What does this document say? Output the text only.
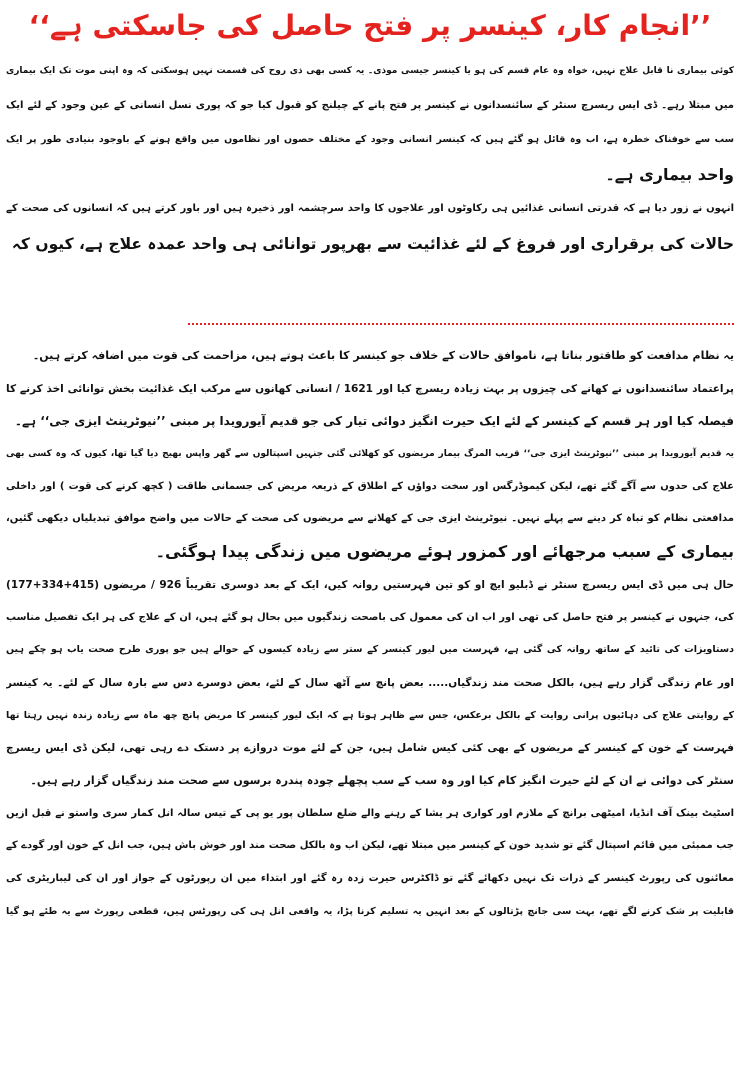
’’انجام کار، کینسر پر فتح حاصل کی جاسکتی ہے‘‘
کوئی بیماری نا قابل علاج نہیں، خواہ وہ عام قسم کی ہو یا کینسر جیسی موذی۔ یہ کسی بھی ذی روح کی قسمت نہیں ہوسکتی کہ وہ اپنی موت تک ایک بیماری
میں مبتلا رہے۔ ڈی ایس ریسرچ سنٹر کے سائنسدانوں نے کینسر پر فتح پانے کے چیلنج کو قبول کیا جو کہ پوری نسل انسانی کے عین وجود کے لئے ایک
سب سے خوفناک خطرہ ہے، اب وہ قائل ہو گئے ہیں کہ کینسر انسانی وجود کے مختلف حصوں اور نظاموں میں واقع ہونے کے باوجود بنیادی طور پر ایک
واحد بیماری ہے۔
انہوں نے زور دیا ہے کہ قدرتی انسانی غذائیں ہی رکاوٹوں اور علاجوں کا واحد سرچشمہ اور ذخیرہ ہیں اور باور کرتے ہیں کہ انسانوں کی صحت کے
حالات کی برقراری اور فروغ کے لئے غذائیت سے بھرپور توانائی ہی واحد عمدہ علاج ہے، کیوں کہ
یہ نظام مدافعت کو طاقتور بناتا ہے، ناموافق حالات کے خلاف جو کینسر کا باعث ہوتے ہیں، مزاحمت کی قوت میں اضافہ کرتے ہیں۔
پراعتماد سائنسدانوں نے کھانے کی چیزوں پر بہت زیادہ ریسرچ کیا اور 1621 / انسانی کھانوں سے مرکب ایک غذائیت بخش توانائی اخذ کرنے کا
فیصلہ کیا اور ہر قسم کے کینسر کے لئے ایک حیرت انگیز دوائی تیار کی جو قدیم آیورویدا پر مبنی ’’نیوٹرینٹ ایزی جی‘‘ ہے۔
یہ قدیم آیورویدا پر مبنی ’’نیوٹرینٹ ایزی جی‘‘ قریب المرگ بیمار مریضوں کو کھلائی گئی جنہیں اسپتالوں سے گھر واپس بھیج دیا گیا تھا، کیوں کہ وہ کسی بھی
علاج کی حدوں سے آگے گئے تھے، لیکن کیموڈرگس اور سخت دواؤں کے اطلاق کے ذریعہ مریض کی جسمانی طاقت ( کچھ کرنے کی قوت ) اور داخلی
مدافعتی نظام کو تباہ کر دینے سے پہلے نہیں۔ نیوٹرینٹ ایزی جی کے کھلانے سے مریضوں کی صحت کے حالات میں واضح موافق تبدیلیاں دیکھی گئیں،
بیماری کے سبب مرجھائے اور کمزور ہوئے مریضوں میں زندگی پیدا ہوگئی۔
حال ہی میں ڈی ایس ریسرچ سنٹر نے ڈبلیو ایچ او کو تین فہرستیں روانہ کیں، ایک کے بعد دوسری تقریباً 926 / مریضوں (415+334+177)
کی، جنہوں نے کینسر پر فتح حاصل کی تھی اور اب ان کی معمول کی باصحت زندگیوں میں بحال ہو گئے ہیں، ان کے علاج کی ہر ایک تفصیل مناسب
دستاویزات کی تائید کے ساتھ روانہ کی گئی ہے، فہرست میں لیور کینسر کے ستر سے زیادہ کیسوں کے حوالے ہیں جو پوری طرح صحت یاب ہو چکے ہیں
اور عام زندگی گزار رہے ہیں، بالکل صحت مند زندگیاں..... بعض پانچ سے آٹھ سال کے لئے، بعض دوسرے دس سے بارہ سال کے لئے۔ یہ کینسر
کے روایتی علاج کی دہائیوں پرانی روایت کے بالکل برعکس، جس سے ظاہر ہوتا ہے کہ ایک لیور کینسر کا مریض پانچ چھ ماہ سے زیادہ زندہ نہیں رہتا تھا
فہرست کے خون کے کینسر کے مریضوں کے بھی کئی کیس شامل ہیں، جن کے لئے موت دروازے پر دستک دے رہی تھی، لیکن ڈی ایس ریسرچ
سنٹر کی دوائی نے ان کے لئے حیرت انگیز کام کیا اور وہ سب کے سب پچھلے چودہ پندرہ برسوں سے صحت مند زندگیاں گزار رہے ہیں۔
اسٹیٹ بینک آف انڈیا، امیٹھی برانچ کے ملازم اور کواری ہر یشا کے رہنے والے ضلع سلطان پور یو پی کے تیس سالہ انل کمار سری واستو نے قبل ازیں
جب ممبئی میں قائم اسپتال گئے تو شدید خون کے کینسر میں مبتلا تھے، لیکن اب وہ بالکل صحت مند اور خوش باش ہیں، جب انل کے خون اور گودے کے
معائنوں کی رپورٹ کینسر کے ذرات تک نہیں دکھائے گئے تو ڈاکٹرس حیرت زدہ رہ گئے اور ابتداء میں ان رپورٹوں کے جواز اور ان کی لیباریٹری کی
قابلیت پر شک کرنے لگے تھے، بہت سی جانچ پڑتالوں کے بعد انہیں یہ تسلیم کرنا پڑا، یہ واقعی انل ہی کی رپورٹس ہیں، قطعی رپورٹ سے یہ طئے ہو گیا
